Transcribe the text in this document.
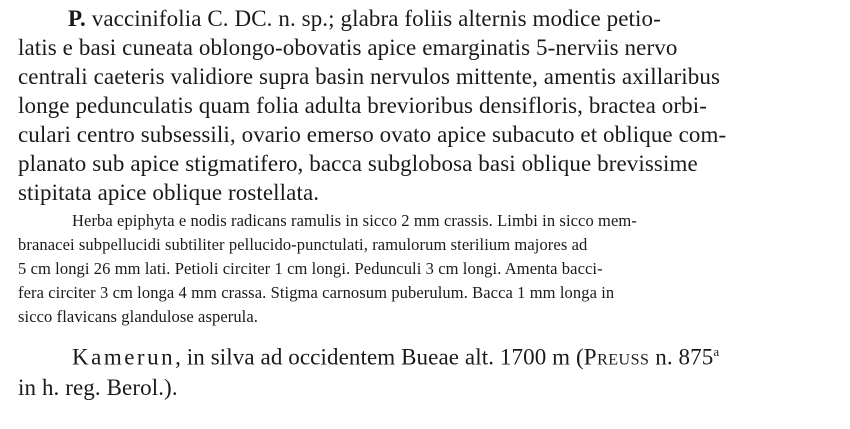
P. vaccinifolia C. DC. n. sp.; glabra foliis alternis modice petio-

latis e basi cuneata oblongo-obovatis apice emarginatis 5-nerviis nervo

centrali caeteris validiore supra basin nervulos mittente, amentis axillaribus

longe pedunculatis quam folia adulta brevioribus densifloris, bractea orbi-

culari centro subsessili, ovario emerso ovato apice subacuto et oblique com-

planato sub apice stigmatifero, bacca subglobosa basi oblique brevissime

stipitata apice oblique rostellata.

Herba epiphyta e nodis radicans ramulis in sicco 2 mm crassis. Limbi in sicco mem-

branacei subpellucidi subtiliter pellucido-punctulati, ramulorum sterilium majores ad

5 cm longi 26 mm lati. Petioli circiter 1 cm longi. Pedunculi 3 cm longi. Amenta bacci-

fera circiter 3 cm longa 4 mm crassa. Stigma carnosum puberulum. Bacca 1 mm longa in

sicco flavicans glandulose asperula.

Kamerun, in silva ad occidentem Bueae alt. 1700 m (Preuss n. 875$^a$

in h. reg. Berol.).
